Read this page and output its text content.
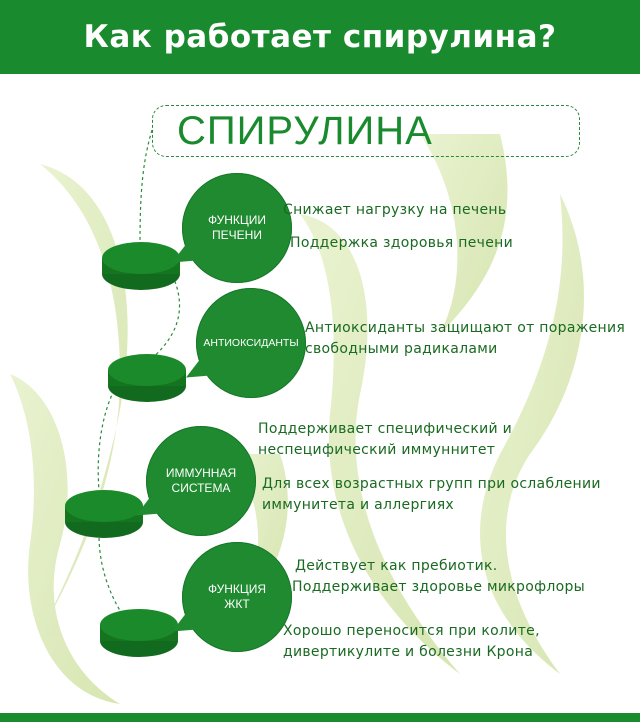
Как работает спирулина?
СПИРУЛИНА
ФУНКЦИИ ПЕЧЕНИ
АНТИОКСИДАНТЫ
ИММУННАЯ СИСТЕМА
ФУНКЦИЯ ЖКТ
Снижает нагрузку на печень
Поддержка здоровья печени
Антиоксиданты защищают от поражения
свободными радикалами
Поддерживает специфический и
неспецифический иммуннитет
Для всех возрастных групп при ослаблении
иммунитета и аллергиях
Действует как пребиотик.
Поддерживает здоровье микрофлоры
Хорошо переносится при колите,
дивертикулите и болезни Крона
